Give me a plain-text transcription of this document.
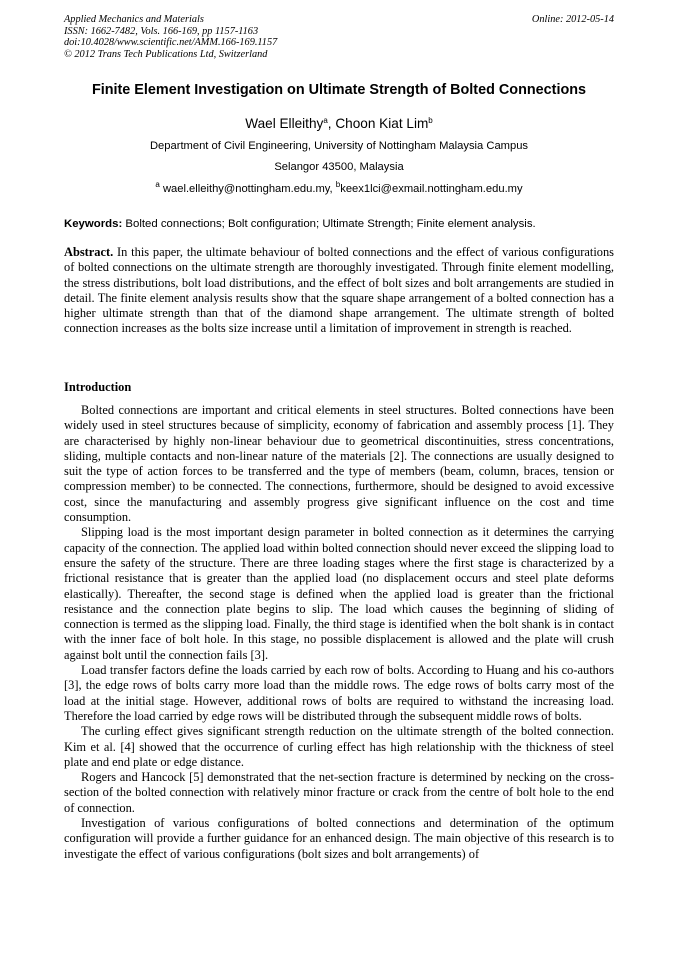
Applied Mechanics and Materials
ISSN: 1662-7482, Vols. 166-169, pp 1157-1163
doi:10.4028/www.scientific.net/AMM.166-169.1157
© 2012 Trans Tech Publications Ltd, Switzerland
Online: 2012-05-14
Finite Element Investigation on Ultimate Strength of Bolted Connections
Wael Elleithy$^a$, Choon Kiat Lim$^b$
Department of Civil Engineering, University of Nottingham Malaysia Campus
Selangor 43500, Malaysia
$^a$ wael.elleithy@nottingham.edu.my, $^b$keex1lci@exmail.nottingham.edu.my
Keywords: Bolted connections; Bolt configuration; Ultimate Strength; Finite element analysis.
Abstract. In this paper, the ultimate behaviour of bolted connections and the effect of various configurations of bolted connections on the ultimate strength are thoroughly investigated. Through finite element modelling, the stress distributions, bolt load distributions, and the effect of bolt sizes and bolt arrangements are studied in detail. The finite element analysis results show that the square shape arrangement of a bolted connection has a higher ultimate strength than that of the diamond shape arrangement. The ultimate strength of bolted connection increases as the bolts size increase until a limitation of improvement in strength is reached.
Introduction

Bolted connections are important and critical elements in steel structures. Bolted connections have been widely used in steel structures because of simplicity, economy of fabrication and assembly process [1]. They are characterised by highly non-linear behaviour due to geometrical discontinuities, stress concentrations, sliding, multiple contacts and non-linear nature of the materials [2]. The connections are usually designed to suit the type of action forces to be transferred and the type of members (beam, column, braces, tension or compression member) to be connected. The connections, furthermore, should be designed to avoid excessive cost, since the manufacturing and assembly progress give significant influence on the cost and time consumption.

Slipping load is the most important design parameter in bolted connection as it determines the carrying capacity of the connection. The applied load within bolted connection should never exceed the slipping load to ensure the safety of the structure. There are three loading stages where the first stage is characterized by a frictional resistance that is greater than the applied load (no displacement occurs and steel plate deforms elastically). Thereafter, the second stage is defined when the applied load is greater than the frictional resistance and the connection plate begins to slip. The load which causes the beginning of sliding of connection is termed as the slipping load. Finally, the third stage is identified when the bolt shank is in contact with the inner face of bolt hole. In this stage, no possible displacement is allowed and the plate will crush against bolt until the connection fails [3].

Load transfer factors define the loads carried by each row of bolts. According to Huang and his co-authors [3], the edge rows of bolts carry more load than the middle rows. The edge rows of bolts carry most of the load at the initial stage. However, additional rows of bolts are required to withstand the increasing load. Therefore the load carried by edge rows will be distributed through the subsequent middle rows of bolts.

The curling effect gives significant strength reduction on the ultimate strength of the bolted connection. Kim et al. [4] showed that the occurrence of curling effect has high relationship with the thickness of steel plate and end plate or edge distance.

Rogers and Hancock [5] demonstrated that the net-section fracture is determined by necking on the cross-section of the bolted connection with relatively minor fracture or crack from the centre of bolt hole to the end of connection.

Investigation of various configurations of bolted connections and determination of the optimum configuration will provide a further guidance for an enhanced design. The main objective of this research is to investigate the effect of various configurations (bolt sizes and bolt arrangements) of
